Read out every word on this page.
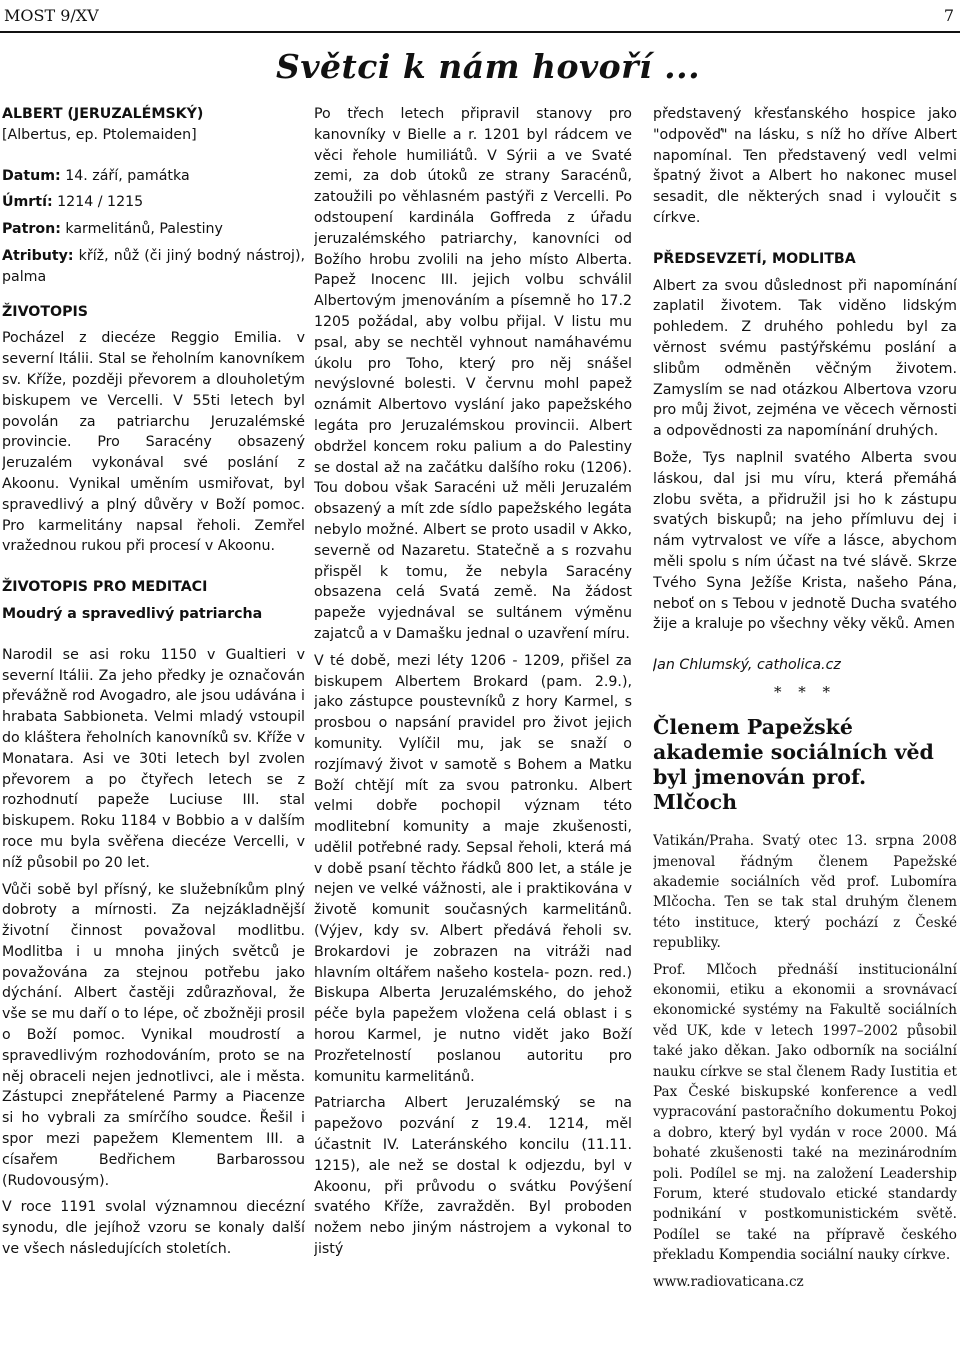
MOST 9/XV	7
Světci k nám hovoří ...

ALBERT (JERUZALÉMSKÝ)

[Albertus, ep. Ptolemaiden]

Datum: 14. září, památka

Úmrtí: 1214 / 1215

Patron: karmelitánů, Palestiny

Atributy: kříž, nůž (či jiný bodný nástroj), palma

ŽIVOTOPIS

Pocházel z diecéze Reggio Emilia. v severní Itálii. Stal se řeholním kanovníkem sv. Kříže, později převorem a dlouholetým biskupem ve Vercelli. V 55ti letech byl povolán za patriarchu Jeruzalémské provincie. Pro Saracény obsazený Jeruzalém vykonával své poslání z Akoonu. Vynikal uměním usmiřovat, byl spravedlivý a plný důvěry v Boží pomoc. Pro karmelitány napsal řeholi. Zemřel vražednou rukou při procesí v Akoonu.

ŽIVOTOPIS PRO MEDITACI

Moudrý a spravedlivý patriarcha

Narodil se asi roku 1150 v Gualtieri v severní Itálii. Za jeho předky je označován převážně rod Avogadro, ale jsou udávána i hrabata Sabbioneta. Velmi mladý vstoupil do kláštera řeholních kanovníků sv. Kříže v Monatara. Asi ve 30ti letech byl zvolen převorem a po čtyřech letech se z rozhodnutí papeže Luciuse III. stal biskupem. Roku 1184 v Bobbio a v dalším roce mu byla svěřena diecéze Vercelli, v níž působil po 20 let.

Vůči sobě byl přísný, ke služebníkům plný dobroty a mírnosti. Za nejzákladnější životní činnost považoval modlitbu. Modlitba i u mnoha jiných světců je považována za stejnou potřebu jako dýchání. Albert častěji zdůrazňoval, že vše se mu daří o to lépe, oč zbožněji prosil o Boží pomoc. Vynikal moudrostí a spravedlivým rozhodováním, proto se na něj obraceli nejen jednotlivci, ale i města. Zástupci znepřátelené Parmy a Piacenze si ho vybrali za smírčího soudce. Řešil i spor mezi papežem Klementem III. a císařem Bedřichem Barbarossou (Rudovousým).

V roce 1191 svolal významnou diecézní synodu, dle jejíhož vzoru se konaly další ve všech následujících stoletích.

Po třech letech připravil stanovy pro kanovníky v Bielle a r. 1201 byl rádcem ve věci řehole humiliátů. V Sýrii a ve Svaté zemi, za dob útoků ze strany Saracénů, zatoužili po věhlasném pastýři z Vercelli. Po odstoupení kardinála Goffreda z úřadu jeruzalémského patriarchy, kanovníci od Božího hrobu zvolili na jeho místo Alberta. Papež Inocenc III. jejich volbu schválil Albertovým jmenováním a písemně ho 17.2 1205 požádal, aby volbu přijal. V listu mu psal, aby se nechtěl vyhnout namáhavému úkolu pro Toho, který pro něj snášel nevýslovné bolesti. V červnu mohl papež oznámit Albertovo vyslání jako papežského legáta pro Jeruzalémskou provincii. Albert obdržel koncem roku palium a do Palestiny se dostal až na začátku dalšího roku (1206). Tou dobou však Saracéni už měli Jeruzalém obsazený a mít zde sídlo papežského legáta nebylo možné. Albert se proto usadil v Akko, severně od Nazaretu. Statečně a s rozvahu přispěl k tomu, že nebyla Saracény obsazena celá Svatá země. Na žádost papeže vyjednával se sultánem výměnu zajatců a v Damašku jednal o uzavření míru.

V té době, mezi léty 1206 - 1209, přišel za biskupem Albertem Brokard (pam. 2.9.), jako zástupce poustevníků z hory Karmel, s prosbou o napsání pravidel pro život jejich komunity. Vylíčil mu, jak se snaží o rozjímavý život v samotě s Bohem a Matku Boží chtějí mít za svou patronku. Albert velmi dobře pochopil význam této modlitební komunity a maje zkušenosti, udělil potřebné rady. Sepsal řeholi, která má v době psaní těchto řádků 800 let, a stále je nejen ve velké vážnosti, ale i praktikována v životě komunit současných karmelitánů. (Výjev, kdy sv. Albert předává řeholi sv. Brokardovi je zobrazen na vitráži nad hlavním oltářem našeho kostela- pozn. red.) Biskupa Alberta Jeruzalémského, do jehož péče byla papežem vložena celá oblast i s horou Karmel, je nutno vidět jako Boží Prozřetelností poslanou autoritu pro komunitu karmelitánů.

Patriarcha Albert Jeruzalémský se na papežovo pozvání z 19.4. 1214, měl účastnit IV. Lateránského koncilu (11.11. 1215), ale než se dostal k odjezdu, byl v Akoonu, při průvodu o svátku Povýšení svatého Kříže, zavražděn. Byl proboden nožem nebo jiným nástrojem a vykonal to jistý

představený křesťanského hospice jako "odpověď" na lásku, s níž ho dříve Albert napomínal. Ten představený vedl velmi špatný život a Albert ho nakonec musel sesadit, dle některých snad i vyloučit s církve.

PŘEDSEVZETÍ, MODLITBA

Albert za svou důslednost při napomínání zaplatil životem. Tak viděno lidským pohledem. Z druhého pohledu byl za věrnost svému pastýřskému poslání a slibům odměněn věčným životem. Zamyslím se nad otázkou Albertova vzoru pro můj život, zejména ve věcech věrnosti a odpovědnosti za napomínání druhých.

Bože, Tys naplnil svatého Alberta svou láskou, dal jsi mu víru, která přemáhá zlobu světa, a přidružil jsi ho k zástupu svatých biskupů; na jeho přímluvu dej i nám vytrvalost ve víře a lásce, abychom měli spolu s ním účast na tvé slávě. Skrze Tvého Syna Ježíše Krista, našeho Pána, neboť on s Tebou v jednotě Ducha svatého žije a kraluje po všechny věky věků. Amen

Jan Chlumský, catholica.cz
* * *
Členem Papežské akademie sociálních věd byl jmenován prof. Mlčoch

Vatikán/Praha. Svatý otec 13. srpna 2008 jmenoval řádným členem Papežské akademie sociálních věd prof. Lubomíra Mlčocha. Ten se tak stal druhým členem této instituce, který pochází z České republiky.

Prof. Mlčoch přednáší institucionální ekonomii, etiku a ekonomii a srovnávací ekonomické systémy na Fakultě sociálních věd UK, kde v letech 1997–2002 působil také jako děkan. Jako odborník na sociální nauku církve se stal členem Rady Iustitia et Pax České biskupské konference a vedl vypracování pastoračního dokumentu Pokoj a dobro, který byl vydán v roce 2000. Má bohaté zkušenosti také na mezinárodním poli. Podílel se mj. na založení Leadership Forum, které studovalo etické standardy podnikání v postkomunistickém světě. Podílel se také na přípravě českého překladu Kompendia sociální nauky církve.

www.radiovaticana.cz
